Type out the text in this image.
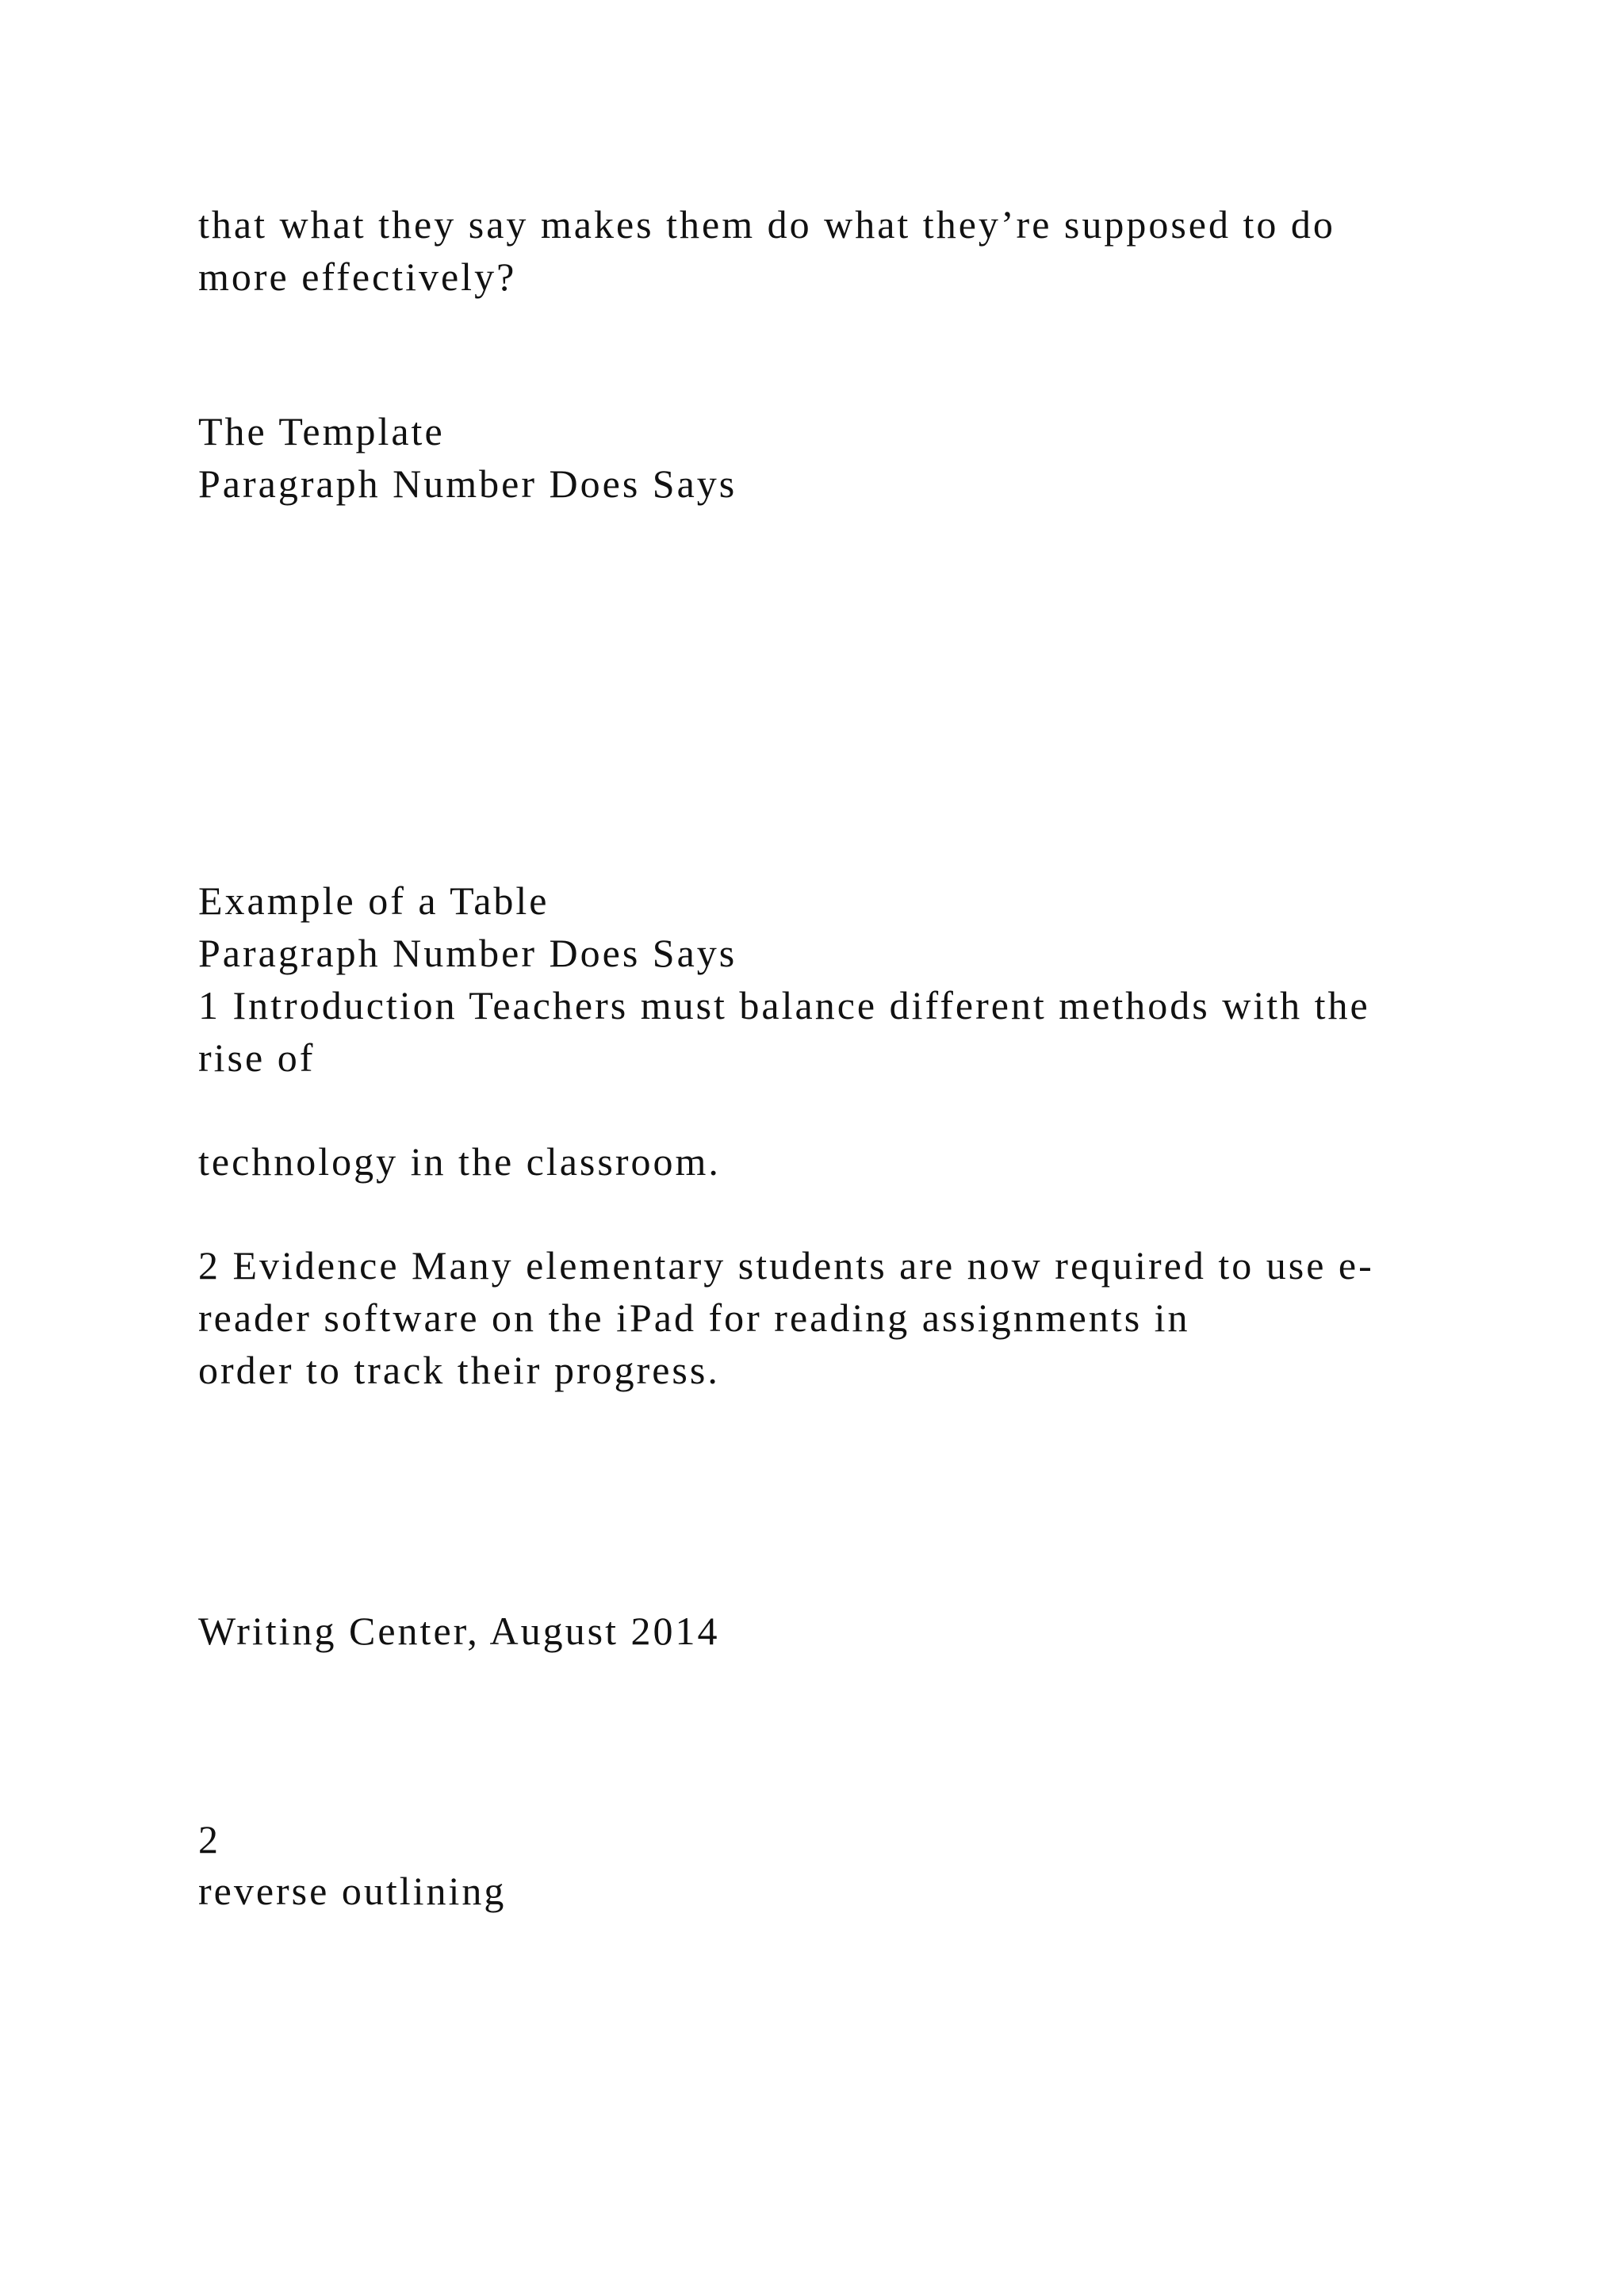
that what they say makes them do what they’re supposed to do
more effectively?
The Template
Paragraph Number Does Says
Example of a Table
Paragraph Number Does Says
1 Introduction Teachers must balance different methods with the
rise of
technology in the classroom.
2 Evidence Many elementary students are now required to use e-
reader software on the iPad for reading assignments in
order to track their progress.
Writing Center, August 2014
2
reverse outlining
